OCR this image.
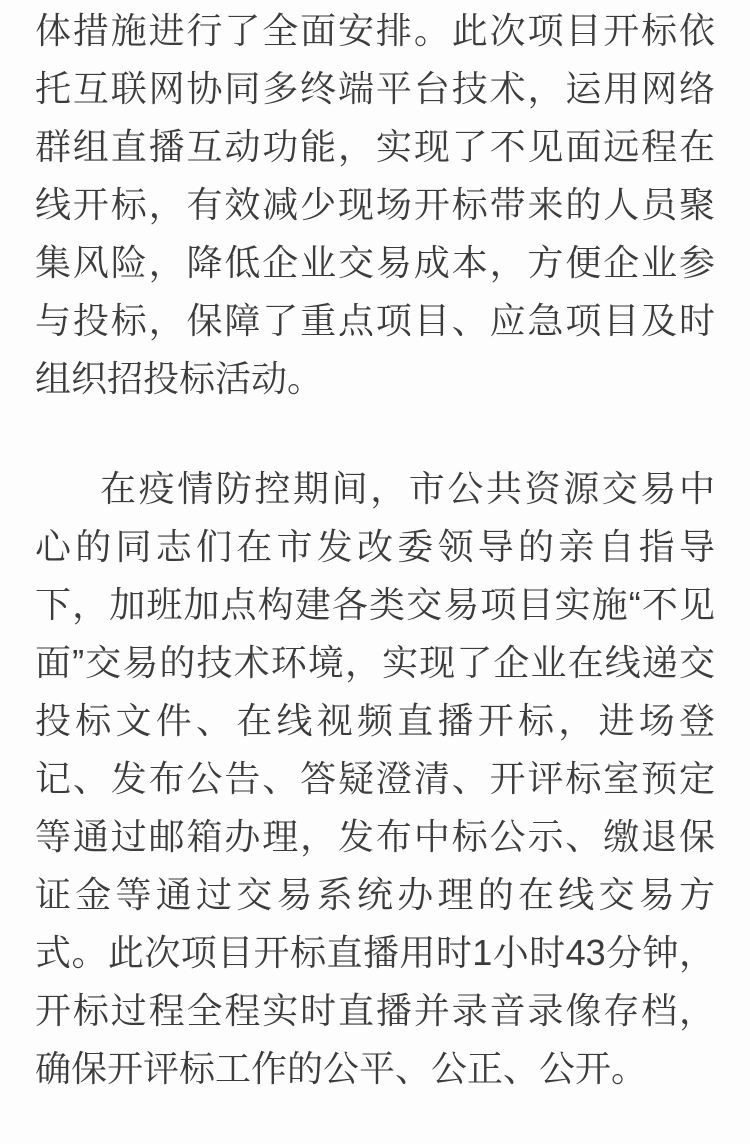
体措施进行了全面安排。此次项目开标依
托互联网协同多终端平台技术，运用网络
群组直播互动功能，实现了不见面远程在
线开标，有效减少现场开标带来的人员聚
集风险，降低企业交易成本，方便企业参
与投标，保障了重点项目、应急项目及时
组织招投标活动。
在疫情防控期间，市公共资源交易中
心的同志们在市发改委领导的亲自指导
下，加班加点构建各类交易项目实施“不见
面”交易的技术环境，实现了企业在线递交
投标文件、在线视频直播开标，进场登
记、发布公告、答疑澄清、开评标室预定
等通过邮箱办理，发布中标公示、缴退保
证金等通过交易系统办理的在线交易方
式。此次项目开标直播用时1小时43分钟，
开标过程全程实时直播并录音录像存档，
确保开评标工作的公平、公正、公开。
